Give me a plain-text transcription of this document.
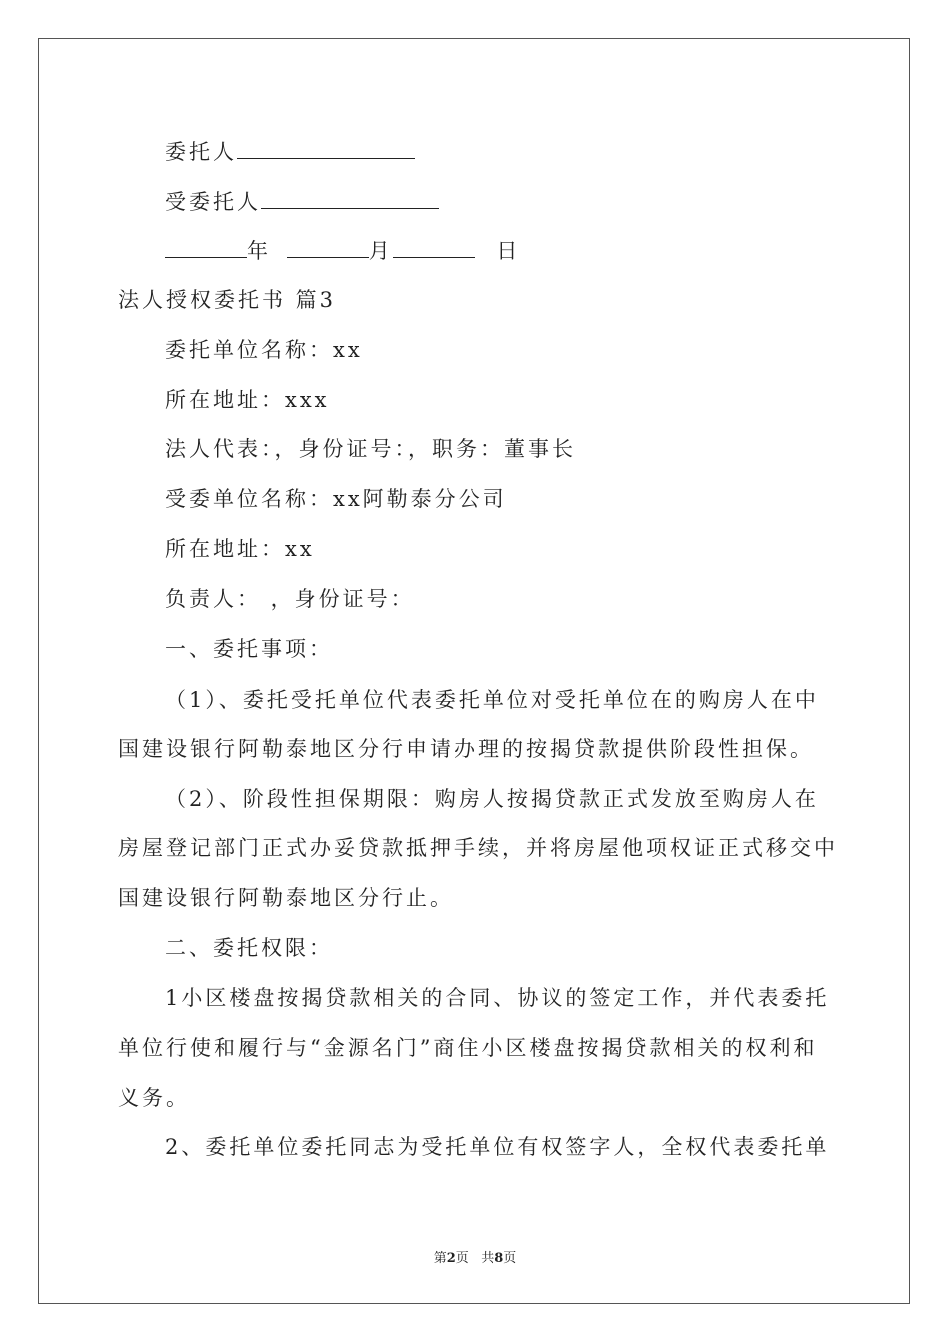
委托人
受委托人
年	月	日
法人授权委托书 篇3
委托单位名称：xx
所在地址：xxx
法人代表：，身份证号：，职务：董事长
受委单位名称：xx阿勒泰分公司
所在地址：xx
负责人： ，身份证号：
一、委托事项：
（1）、委托受托单位代表委托单位对受托单位在的购房人在中
国建设银行阿勒泰地区分行申请办理的按揭贷款提供阶段性担保。
（2）、阶段性担保期限：购房人按揭贷款正式发放至购房人在
房屋登记部门正式办妥贷款抵押手续，并将房屋他项权证正式移交中
国建设银行阿勒泰地区分行止。
二、委托权限：
1小区楼盘按揭贷款相关的合同、协议的签定工作，并代表委托
单位行使和履行与“金源名门”商住小区楼盘按揭贷款相关的权利和
义务。
2、委托单位委托同志为受托单位有权签字人，全权代表委托单
第2页   共8页
